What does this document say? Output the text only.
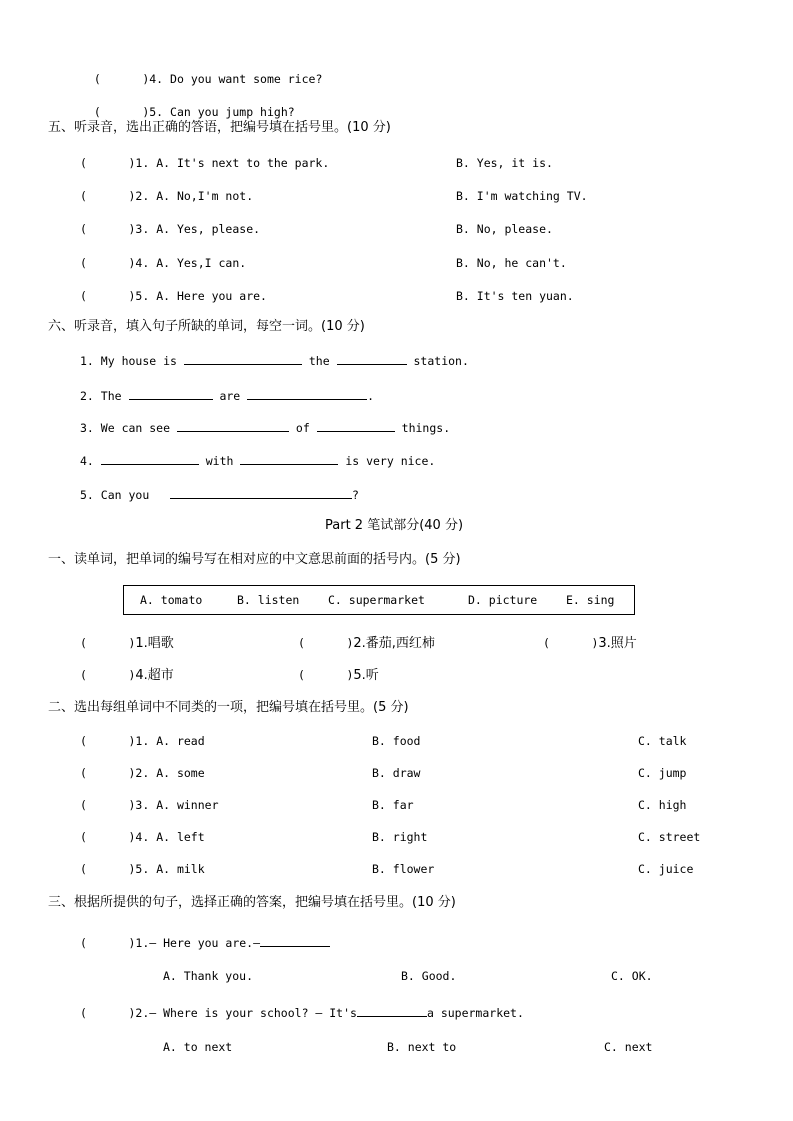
(      )4. Do you want some rice?

(      )5. Can you jump high?

五、听录音，选出正确的答语，把编号填在括号里。(10 分)
(      )1. A. It's next to the park.	B. Yes, it is.
(      )2. A. No,I'm not.	B. I'm watching TV.
(      )3. A. Yes, please.	B. No, please.
(      )4. A. Yes,I can.	B. No, he can't.
(      )5. A. Here you are.	B. It's ten yuan.
六、听录音，填入句子所缺的单词，每空一词。(10 分)
1. My house is	the	station.
2. The	are	.
3. We can see	of	things.
4.	with	is very nice.
5. Can you	?
Part 2 笔试部分(40 分)
一、读单词，把单词的编号写在相对应的中文意思前面的括号内。(5 分)
A. tomato	B. listen C. supermarket	D. picture	E. sing
(      )1.唱歌	(      )2.番茄,西红柿	(      )3.照片
(      )4.超市	(      )5.听
二、选出每组单词中不同类的一项，把编号填在括号里。(5 分)
(      )1. A. read	B. food	C. talk
(      )2. A. some	B. draw	C. jump
(      )3. A. winner	B. far	C. high
(      )4. A. left	B. right	C. street
(      )5. A. milk	B. flower	C. juice
三、根据所提供的句子，选择正确的答案，把编号填在括号里。(10 分)
(      )1.— Here you are.—
A. Thank you.	B. Good.	C. OK.
(      )2.— Where is your school? — It's	a supermarket.
A. to next	B. next to	C. next
